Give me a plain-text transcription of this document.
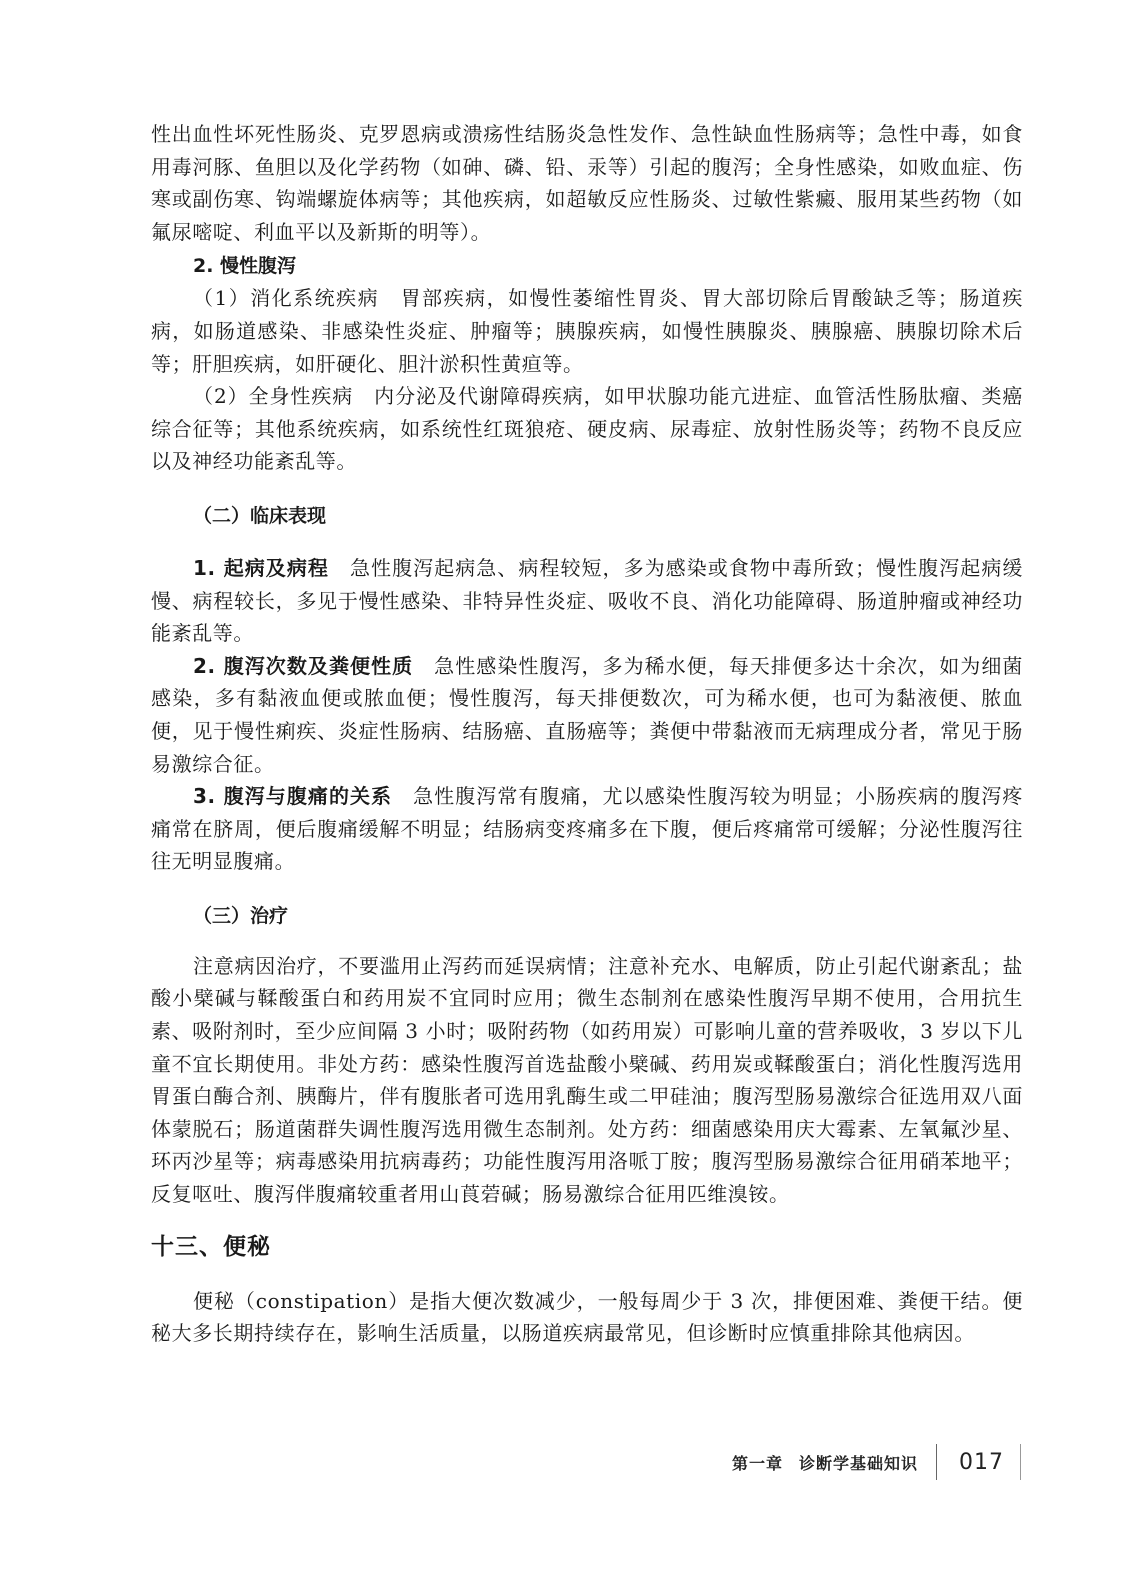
性出血性坏死性肠炎、克罗恩病或溃疡性结肠炎急性发作、急性缺血性肠病等；急性中毒，如食用毒河豚、鱼胆以及化学药物（如砷、磷、铅、汞等）引起的腹泻；全身性感染，如败血症、伤寒或副伤寒、钩端螺旋体病等；其他疾病，如超敏反应性肠炎、过敏性紫癜、服用某些药物（如氟尿嘧啶、利血平以及新斯的明等）。

2. 慢性腹泻

（1）消化系统疾病　胃部疾病，如慢性萎缩性胃炎、胃大部切除后胃酸缺乏等；肠道疾病，如肠道感染、非感染性炎症、肿瘤等；胰腺疾病，如慢性胰腺炎、胰腺癌、胰腺切除术后等；肝胆疾病，如肝硬化、胆汁淤积性黄疸等。

（2）全身性疾病　内分泌及代谢障碍疾病，如甲状腺功能亢进症、血管活性肠肽瘤、类癌综合征等；其他系统疾病，如系统性红斑狼疮、硬皮病、尿毒症、放射性肠炎等；药物不良反应以及神经功能紊乱等。

（二）临床表现

1. 起病及病程　急性腹泻起病急、病程较短，多为感染或食物中毒所致；慢性腹泻起病缓慢、病程较长，多见于慢性感染、非特异性炎症、吸收不良、消化功能障碍、肠道肿瘤或神经功能紊乱等。

2. 腹泻次数及粪便性质　急性感染性腹泻，多为稀水便，每天排便多达十余次，如为细菌感染，多有黏液血便或脓血便；慢性腹泻，每天排便数次，可为稀水便，也可为黏液便、脓血便，见于慢性痢疾、炎症性肠病、结肠癌、直肠癌等；粪便中带黏液而无病理成分者，常见于肠易激综合征。

3. 腹泻与腹痛的关系　急性腹泻常有腹痛，尤以感染性腹泻较为明显；小肠疾病的腹泻疼痛常在脐周，便后腹痛缓解不明显；结肠病变疼痛多在下腹，便后疼痛常可缓解；分泌性腹泻往往无明显腹痛。

（三）治疗

注意病因治疗，不要滥用止泻药而延误病情；注意补充水、电解质，防止引起代谢紊乱；盐酸小檗碱与鞣酸蛋白和药用炭不宜同时应用；微生态制剂在感染性腹泻早期不使用，合用抗生素、吸附剂时，至少应间隔 3 小时；吸附药物（如药用炭）可影响儿童的营养吸收，3 岁以下儿童不宜长期使用。非处方药：感染性腹泻首选盐酸小檗碱、药用炭或鞣酸蛋白；消化性腹泻选用胃蛋白酶合剂、胰酶片，伴有腹胀者可选用乳酶生或二甲硅油；腹泻型肠易激综合征选用双八面体蒙脱石；肠道菌群失调性腹泻选用微生态制剂。处方药：细菌感染用庆大霉素、左氧氟沙星、环丙沙星等；病毒感染用抗病毒药；功能性腹泻用洛哌丁胺；腹泻型肠易激综合征用硝苯地平；反复呕吐、腹泻伴腹痛较重者用山莨菪碱；肠易激综合征用匹维溴铵。

十三、便秘

便秘（constipation）是指大便次数减少，一般每周少于 3 次，排便困难、粪便干结。便秘大多长期持续存在，影响生活质量，以肠道疾病最常见，但诊断时应慎重排除其他病因。

第一章 诊断学基础知识 017
